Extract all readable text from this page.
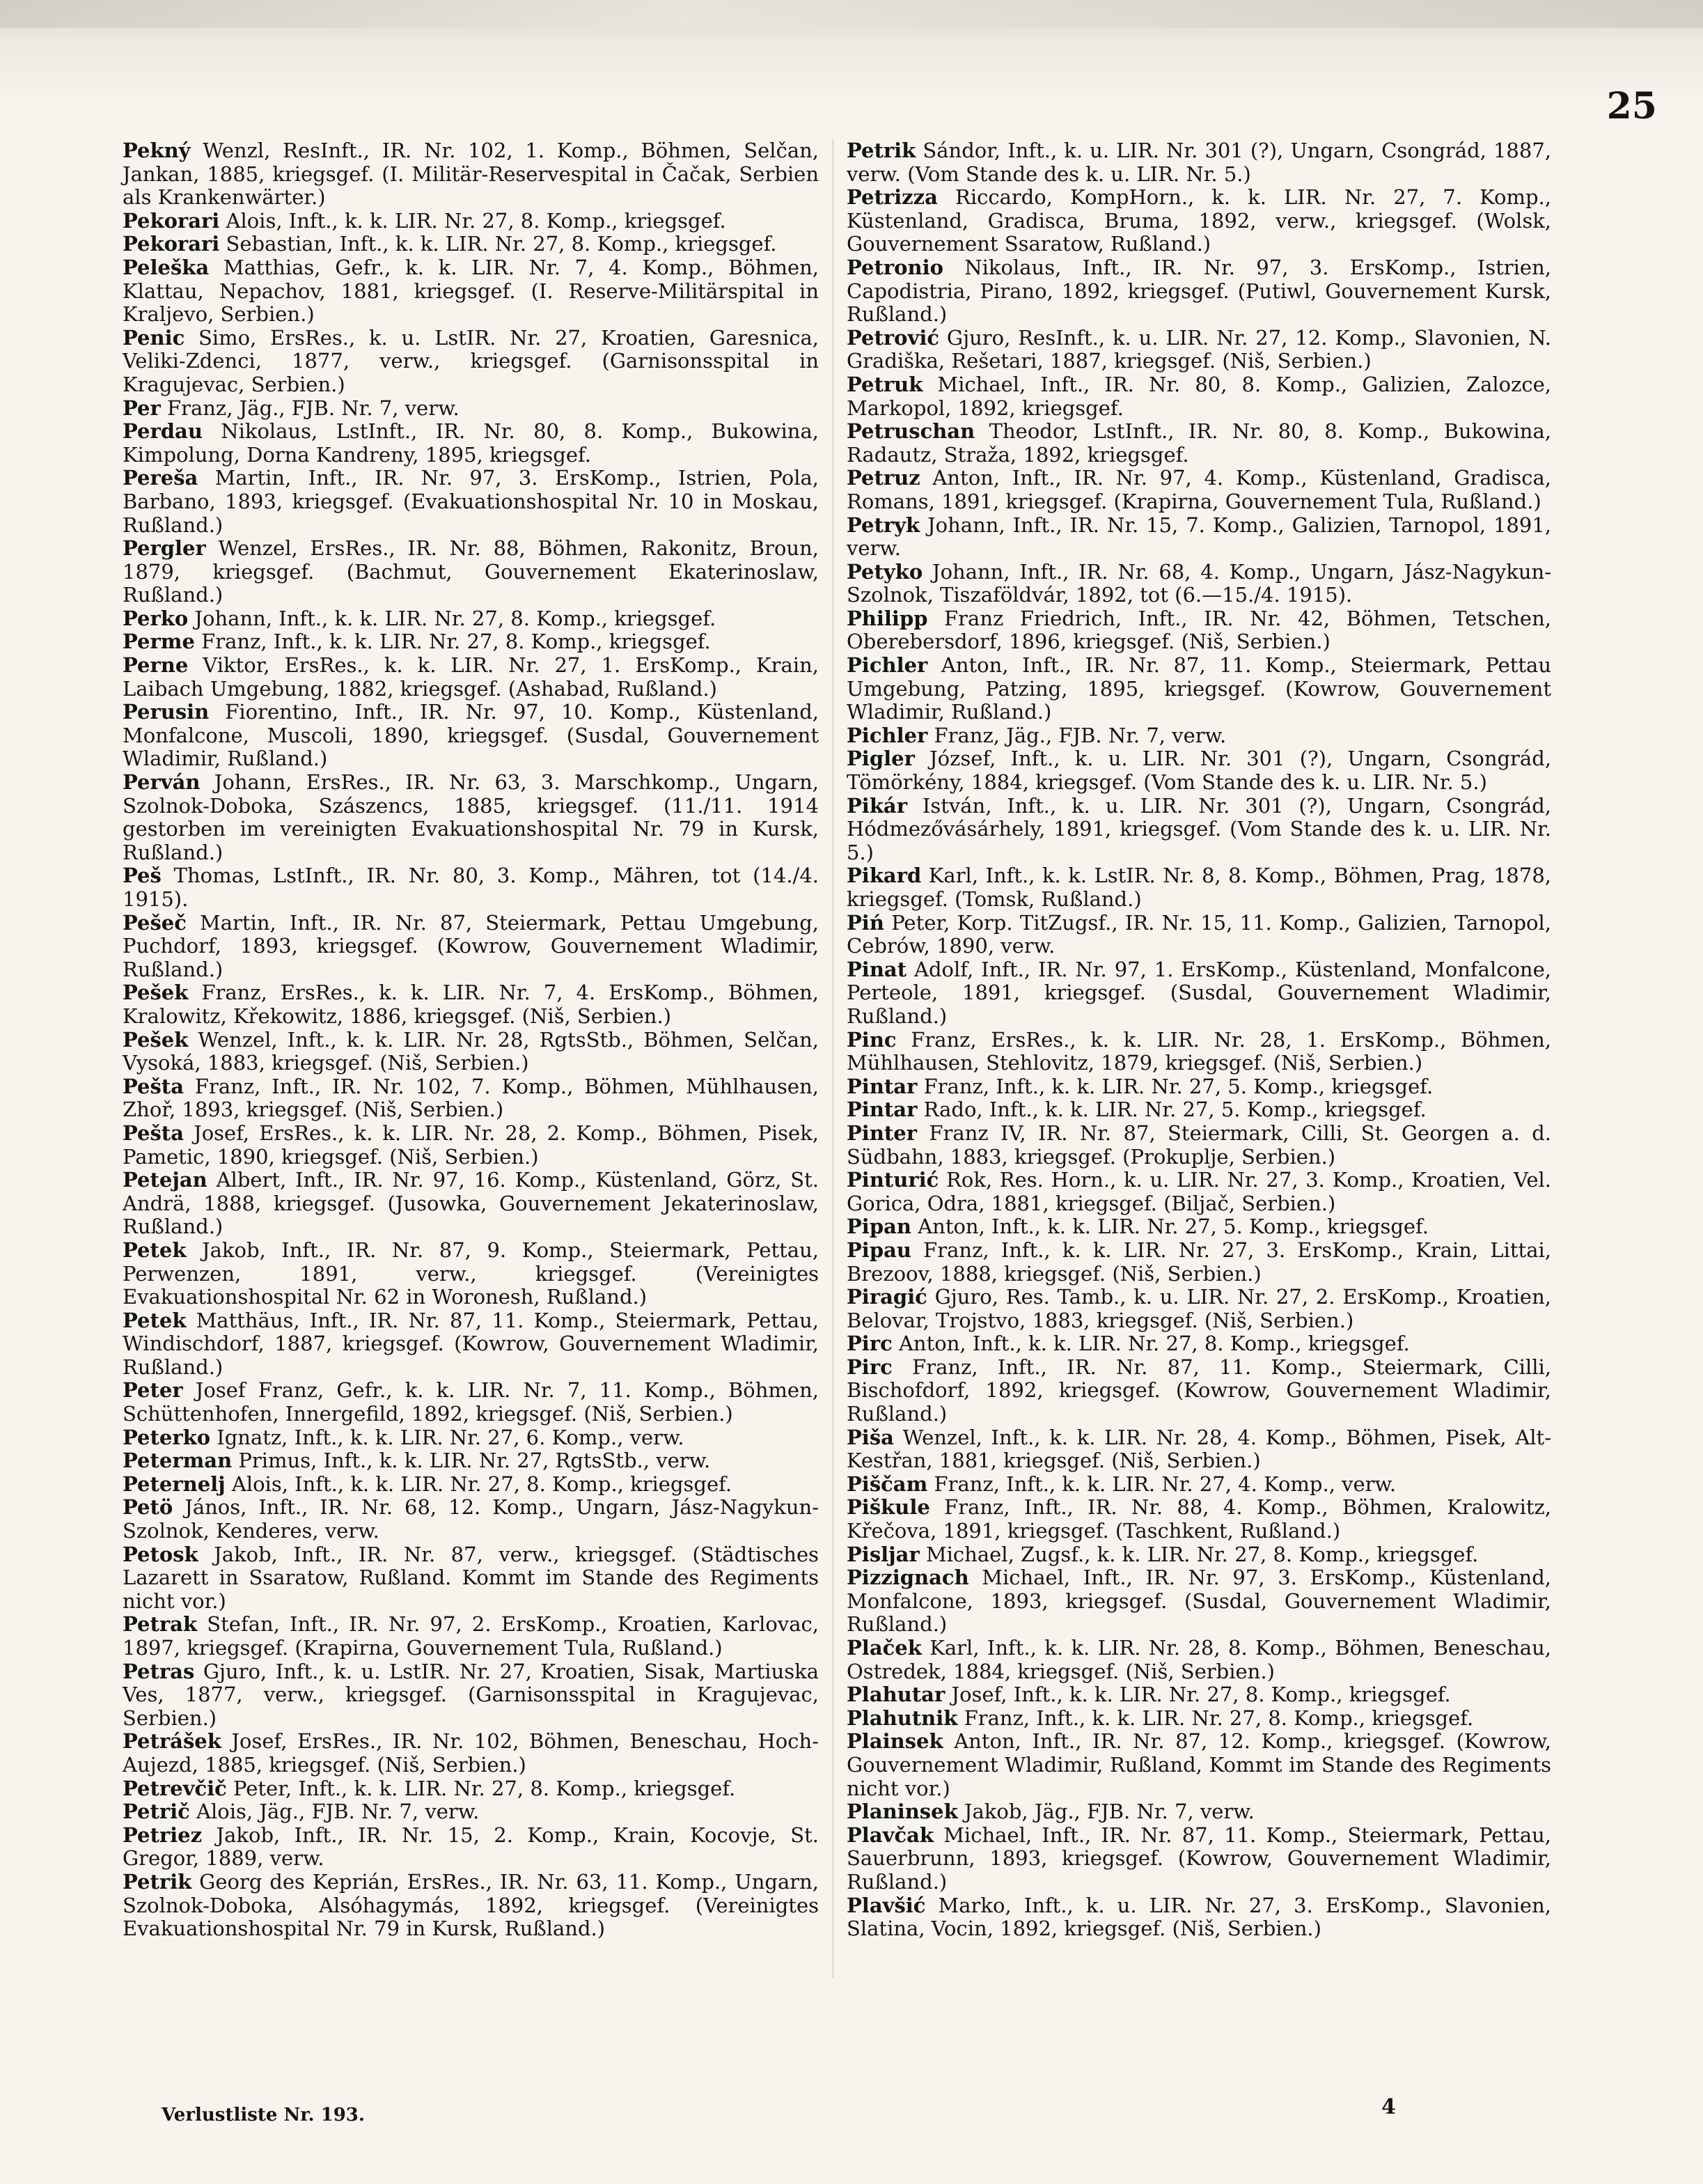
25

Pekný Wenzl, ResInft., IR. Nr. 102, 1. Komp., Böhmen, Selčan, Jankan, 1885, kriegsgef. (I. Militär-Reservespital in Čačak, Serbien als Krankenwärter.)

Pekorari Alois, Inft., k. k. LIR. Nr. 27, 8. Komp., kriegsgef.

Pekorari Sebastian, Inft., k. k. LIR. Nr. 27, 8. Komp., kriegsgef.

Peleška Matthias, Gefr., k. k. LIR. Nr. 7, 4. Komp., Böhmen, Klattau, Nepachov, 1881, kriegsgef. (I. Reserve-Militärspital in Kraljevo, Serbien.)

Penic Simo, ErsRes., k. u. LstIR. Nr. 27, Kroatien, Garesnica, Veliki-Zdenci, 1877, verw., kriegsgef. (Garnisonsspital in Kragujevac, Serbien.)

Per Franz, Jäg., FJB. Nr. 7, verw.

Perdau Nikolaus, LstInft., IR. Nr. 80, 8. Komp., Bukowina, Kimpolung, Dorna Kandreny, 1895, kriegsgef.

Pereša Martin, Inft., IR. Nr. 97, 3. ErsKomp., Istrien, Pola, Barbano, 1893, kriegsgef. (Evakuationshospital Nr. 10 in Moskau, Rußland.)

Pergler Wenzel, ErsRes., IR. Nr. 88, Böhmen, Rakonitz, Broun, 1879, kriegsgef. (Bachmut, Gouvernement Ekaterinoslaw, Rußland.)

Perko Johann, Inft., k. k. LIR. Nr. 27, 8. Komp., kriegsgef.

Perme Franz, Inft., k. k. LIR. Nr. 27, 8. Komp., kriegsgef.

Perne Viktor, ErsRes., k. k. LIR. Nr. 27, 1. ErsKomp., Krain, Laibach Umgebung, 1882, kriegsgef. (Ashabad, Rußland.)

Perusin Fiorentino, Inft., IR. Nr. 97, 10. Komp., Küstenland, Monfalcone, Muscoli, 1890, kriegsgef. (Susdal, Gouvernement Wladimir, Rußland.)

Perván Johann, ErsRes., IR. Nr. 63, 3. Marschkomp., Ungarn, Szolnok-Doboka, Szászencs, 1885, kriegsgef. (11./11. 1914 gestorben im vereinigten Evakuationshospital Nr. 79 in Kursk, Rußland.)

Peš Thomas, LstInft., IR. Nr. 80, 3. Komp., Mähren, tot (14./4. 1915).

Pešeč Martin, Inft., IR. Nr. 87, Steiermark, Pettau Umgebung, Puchdorf, 1893, kriegsgef. (Kowrow, Gouvernement Wladimir, Rußland.)

Pešek Franz, ErsRes., k. k. LIR. Nr. 7, 4. ErsKomp., Böhmen, Kralowitz, Křekowitz, 1886, kriegsgef. (Niš, Serbien.)

Pešek Wenzel, Inft., k. k. LIR. Nr. 28, RgtsStb., Böhmen, Selčan, Vysoká, 1883, kriegsgef. (Niš, Serbien.)

Pešta Franz, Inft., IR. Nr. 102, 7. Komp., Böhmen, Mühlhausen, Zhoř, 1893, kriegsgef. (Niš, Serbien.)

Pešta Josef, ErsRes., k. k. LIR. Nr. 28, 2. Komp., Böhmen, Pisek, Pametic, 1890, kriegsgef. (Niš, Serbien.)

Petejan Albert, Inft., IR. Nr. 97, 16. Komp., Küstenland, Görz, St. Andrä, 1888, kriegsgef. (Jusowka, Gouvernement Jekaterinoslaw, Rußland.)

Petek Jakob, Inft., IR. Nr. 87, 9. Komp., Steiermark, Pettau, Perwenzen, 1891, verw., kriegsgef. (Vereinigtes Evakuationshospital Nr. 62 in Woronesh, Rußland.)

Petek Matthäus, Inft., IR. Nr. 87, 11. Komp., Steiermark, Pettau, Windischdorf, 1887, kriegsgef. (Kowrow, Gouvernement Wladimir, Rußland.)

Peter Josef Franz, Gefr., k. k. LIR. Nr. 7, 11. Komp., Böhmen, Schüttenhofen, Innergefild, 1892, kriegsgef. (Niš, Serbien.)

Peterko Ignatz, Inft., k. k. LIR. Nr. 27, 6. Komp., verw.

Peterman Primus, Inft., k. k. LIR. Nr. 27, RgtsStb., verw.

Peternelj Alois, Inft., k. k. LIR. Nr. 27, 8. Komp., kriegsgef.

Petö János, Inft., IR. Nr. 68, 12. Komp., Ungarn, Jász-Nagykun-Szolnok, Kenderes, verw.

Petosk Jakob, Inft., IR. Nr. 87, verw., kriegsgef. (Städtisches Lazarett in Ssaratow, Rußland. Kommt im Stande des Regiments nicht vor.)

Petrak Stefan, Inft., IR. Nr. 97, 2. ErsKomp., Kroatien, Karlovac, 1897, kriegsgef. (Krapirna, Gouvernement Tula, Rußland.)

Petras Gjuro, Inft., k. u. LstIR. Nr. 27, Kroatien, Sisak, Martiuska Ves, 1877, verw., kriegsgef. (Garnisonsspital in Kragujevac, Serbien.)

Petrášek Josef, ErsRes., IR. Nr. 102, Böhmen, Beneschau, Hoch-Aujezd, 1885, kriegsgef. (Niš, Serbien.)

Petrevčič Peter, Inft., k. k. LIR. Nr. 27, 8. Komp., kriegsgef.

Petrič Alois, Jäg., FJB. Nr. 7, verw.

Petriez Jakob, Inft., IR. Nr. 15, 2. Komp., Krain, Kocovje, St. Gregor, 1889, verw.

Petrik Georg des Keprián, ErsRes., IR. Nr. 63, 11. Komp., Ungarn, Szolnok-Doboka, Alsóhagymás, 1892, kriegsgef. (Vereinigtes Evakuationshospital Nr. 79 in Kursk, Rußland.)

Petrik Sándor, Inft., k. u. LIR. Nr. 301 (?), Ungarn, Csongrád, 1887, verw. (Vom Stande des k. u. LIR. Nr. 5.)

Petrizza Riccardo, KompHorn., k. k. LIR. Nr. 27, 7. Komp., Küstenland, Gradisca, Bruma, 1892, verw., kriegsgef. (Wolsk, Gouvernement Ssaratow, Rußland.)

Petronio Nikolaus, Inft., IR. Nr. 97, 3. ErsKomp., Istrien, Capodistria, Pirano, 1892, kriegsgef. (Putiwl, Gouvernement Kursk, Rußland.)

Petrović Gjuro, ResInft., k. u. LIR. Nr. 27, 12. Komp., Slavonien, N. Gradiška, Rešetari, 1887, kriegsgef. (Niš, Serbien.)

Petruk Michael, Inft., IR. Nr. 80, 8. Komp., Galizien, Zalozce, Markopol, 1892, kriegsgef.

Petruschan Theodor, LstInft., IR. Nr. 80, 8. Komp., Bukowina, Radautz, Straža, 1892, kriegsgef.

Petruz Anton, Inft., IR. Nr. 97, 4. Komp., Küstenland, Gradisca, Romans, 1891, kriegsgef. (Krapirna, Gouvernement Tula, Rußland.)

Petryk Johann, Inft., IR. Nr. 15, 7. Komp., Galizien, Tarnopol, 1891, verw.

Petyko Johann, Inft., IR. Nr. 68, 4. Komp., Ungarn, Jász-Nagykun-Szolnok, Tiszaföldvár, 1892, tot (6.—15./4. 1915).

Philipp Franz Friedrich, Inft., IR. Nr. 42, Böhmen, Tetschen, Oberebersdorf, 1896, kriegsgef. (Niš, Serbien.)

Pichler Anton, Inft., IR. Nr. 87, 11. Komp., Steiermark, Pettau Umgebung, Patzing, 1895, kriegsgef. (Kowrow, Gouvernement Wladimir, Rußland.)

Pichler Franz, Jäg., FJB. Nr. 7, verw.

Pigler József, Inft., k. u. LIR. Nr. 301 (?), Ungarn, Csongrád, Tömörkény, 1884, kriegsgef. (Vom Stande des k. u. LIR. Nr. 5.)

Pikár István, Inft., k. u. LIR. Nr. 301 (?), Ungarn, Csongrád, Hódmezővásárhely, 1891, kriegsgef. (Vom Stande des k. u. LIR. Nr. 5.)

Pikard Karl, Inft., k. k. LstIR. Nr. 8, 8. Komp., Böhmen, Prag, 1878, kriegsgef. (Tomsk, Rußland.)

Piń Peter, Korp. TitZugsf., IR. Nr. 15, 11. Komp., Galizien, Tarnopol, Cebrów, 1890, verw.

Pinat Adolf, Inft., IR. Nr. 97, 1. ErsKomp., Küstenland, Monfalcone, Perteole, 1891, kriegsgef. (Susdal, Gouvernement Wladimir, Rußland.)

Pinc Franz, ErsRes., k. k. LIR. Nr. 28, 1. ErsKomp., Böhmen, Mühlhausen, Stehlovitz, 1879, kriegsgef. (Niš, Serbien.)

Pintar Franz, Inft., k. k. LIR. Nr. 27, 5. Komp., kriegsgef.

Pintar Rado, Inft., k. k. LIR. Nr. 27, 5. Komp., kriegsgef.

Pinter Franz IV, IR. Nr. 87, Steiermark, Cilli, St. Georgen a. d. Südbahn, 1883, kriegsgef. (Prokuplje, Serbien.)

Pinturić Rok, Res. Horn., k. u. LIR. Nr. 27, 3. Komp., Kroatien, Vel. Gorica, Odra, 1881, kriegsgef. (Biljač, Serbien.)

Pipan Anton, Inft., k. k. LIR. Nr. 27, 5. Komp., kriegsgef.

Pipau Franz, Inft., k. k. LIR. Nr. 27, 3. ErsKomp., Krain, Littai, Brezoov, 1888, kriegsgef. (Niš, Serbien.)

Piragić Gjuro, Res. Tamb., k. u. LIR. Nr. 27, 2. ErsKomp., Kroatien, Belovar, Trojstvo, 1883, kriegsgef. (Niš, Serbien.)

Pirc Anton, Inft., k. k. LIR. Nr. 27, 8. Komp., kriegsgef.

Pirc Franz, Inft., IR. Nr. 87, 11. Komp., Steiermark, Cilli, Bischofdorf, 1892, kriegsgef. (Kowrow, Gouvernement Wladimir, Rußland.)

Piša Wenzel, Inft., k. k. LIR. Nr. 28, 4. Komp., Böhmen, Pisek, Alt-Kestřan, 1881, kriegsgef. (Niš, Serbien.)

Piščam Franz, Inft., k. k. LIR. Nr. 27, 4. Komp., verw.

Piškule Franz, Inft., IR. Nr. 88, 4. Komp., Böhmen, Kralowitz, Křečova, 1891, kriegsgef. (Taschkent, Rußland.)

Pisljar Michael, Zugsf., k. k. LIR. Nr. 27, 8. Komp., kriegsgef.

Pizzignach Michael, Inft., IR. Nr. 97, 3. ErsKomp., Küstenland, Monfalcone, 1893, kriegsgef. (Susdal, Gouvernement Wladimir, Rußland.)

Plaček Karl, Inft., k. k. LIR. Nr. 28, 8. Komp., Böhmen, Beneschau, Ostredek, 1884, kriegsgef. (Niš, Serbien.)

Plahutar Josef, Inft., k. k. LIR. Nr. 27, 8. Komp., kriegsgef.

Plahutnik Franz, Inft., k. k. LIR. Nr. 27, 8. Komp., kriegsgef.

Plainsek Anton, Inft., IR. Nr. 87, 12. Komp., kriegsgef. (Kowrow, Gouvernement Wladimir, Rußland, Kommt im Stande des Regiments nicht vor.)

Planinsek Jakob, Jäg., FJB. Nr. 7, verw.

Plavčak Michael, Inft., IR. Nr. 87, 11. Komp., Steiermark, Pettau, Sauerbrunn, 1893, kriegsgef. (Kowrow, Gouvernement Wladimir, Rußland.)

Plavšić Marko, Inft., k. u. LIR. Nr. 27, 3. ErsKomp., Slavonien, Slatina, Vocin, 1892, kriegsgef. (Niš, Serbien.)

Verlustliste Nr. 193.	4
